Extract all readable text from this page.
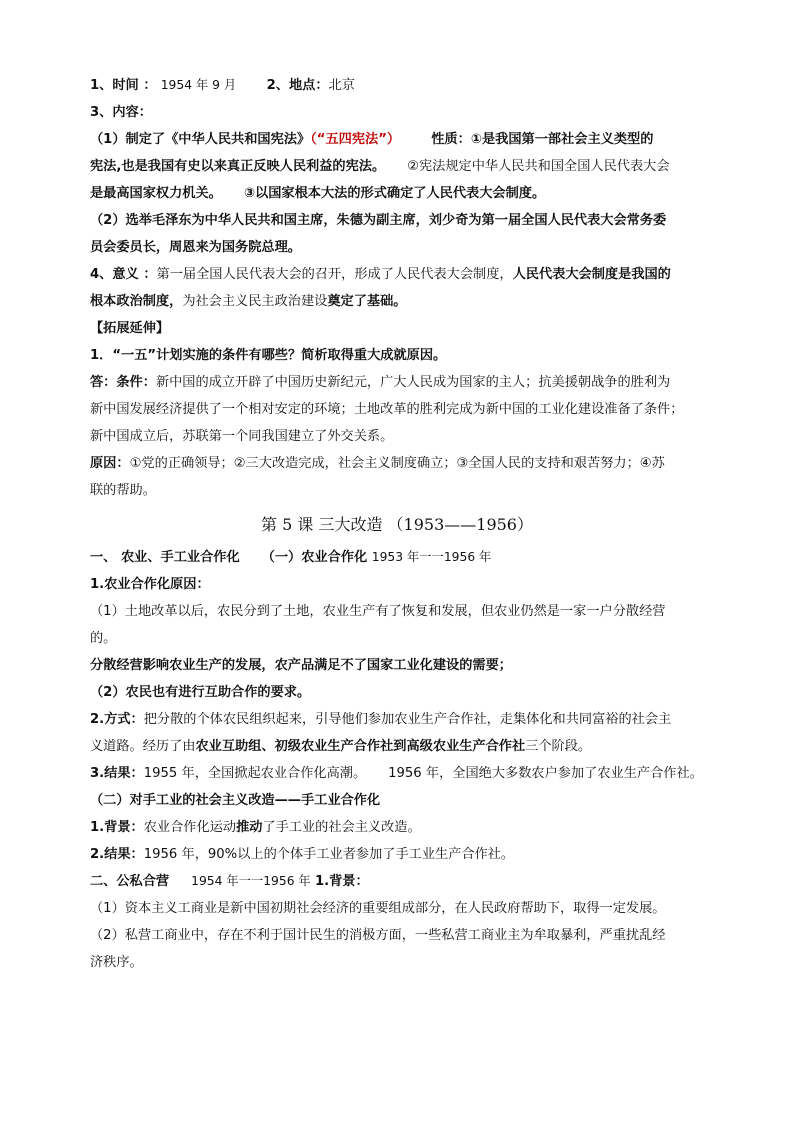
1、时间 ： 1954 年 9 月 2、地点：北京
3、内容：
（1）制定了《中华人民共和国宪法》（“五四宪法”） 性质：①是我国第一部社会主义类型的
宪法,也是我国有史以来真正反映人民利益的宪法。 ②宪法规定中华人民共和国全国人民代表大会
是最高国家权力机关。 ③以国家根本大法的形式确定了人民代表大会制度。
（2）选举毛泽东为中华人民共和国主席，朱德为副主席，刘少奇为第一届全国人民代表大会常务委
员会委员长，周恩来为国务院总理。
4、意义 ：第一届全国人民代表大会的召开，形成了人民代表大会制度，人民代表大会制度是我国的
根本政治制度，为社会主义民主政治建设奠定了基础。
【拓展延伸】
1．“一五”计划实施的条件有哪些？简析取得重大成就原因。
答：条件：新中国的成立开辟了中国历史新纪元，广大人民成为国家的主人；抗美援朝战争的胜利为
新中国发展经济提供了一个相对安定的环境；土地改革的胜利完成为新中国的工业化建设准备了条件；
新中国成立后，苏联第一个同我国建立了外交关系。
原因：①党的正确领导；②三大改造完成，社会主义制度确立；③全国人民的支持和艰苦努力；④苏
联的帮助。
第 5 课 三大改造 （1953——1956）
一、 农业、手工业合作化 （一）农业合作化 1953 年一一1956 年
1.农业合作化原因：
（1）土地改革以后，农民分到了土地，农业生产有了恢复和发展，但农业仍然是一家一户分散经营
的。
分散经营影响农业生产的发展，农产品满足不了国家工业化建设的需要；
（2）农民也有进行互助合作的要求。
2.方式：把分散的个体农民组织起来，引导他们参加农业生产合作社，走集体化和共同富裕的社会主
义道路。经历了由农业互助组、初级农业生产合作社到高级农业生产合作社三个阶段。
3.结果：1955 年，全国掀起农业合作化高潮。 1956 年，全国绝大多数农户参加了农业生产合作社。
（二）对手工业的社会主义改造——手工业合作化
1.背景：农业合作化运动推动了手工业的社会主义改造。
2.结果：1956 年，90%以上的个体手工业者参加了手工业生产合作社。
二、公私合营 1954 年一一1956 年 1.背景：
（1）资本主义工商业是新中国初期社会经济的重要组成部分，在人民政府帮助下，取得一定发展。
（2）私营工商业中，存在不利于国计民生的消极方面，一些私营工商业主为牟取暴利，严重扰乱经
济秩序。
